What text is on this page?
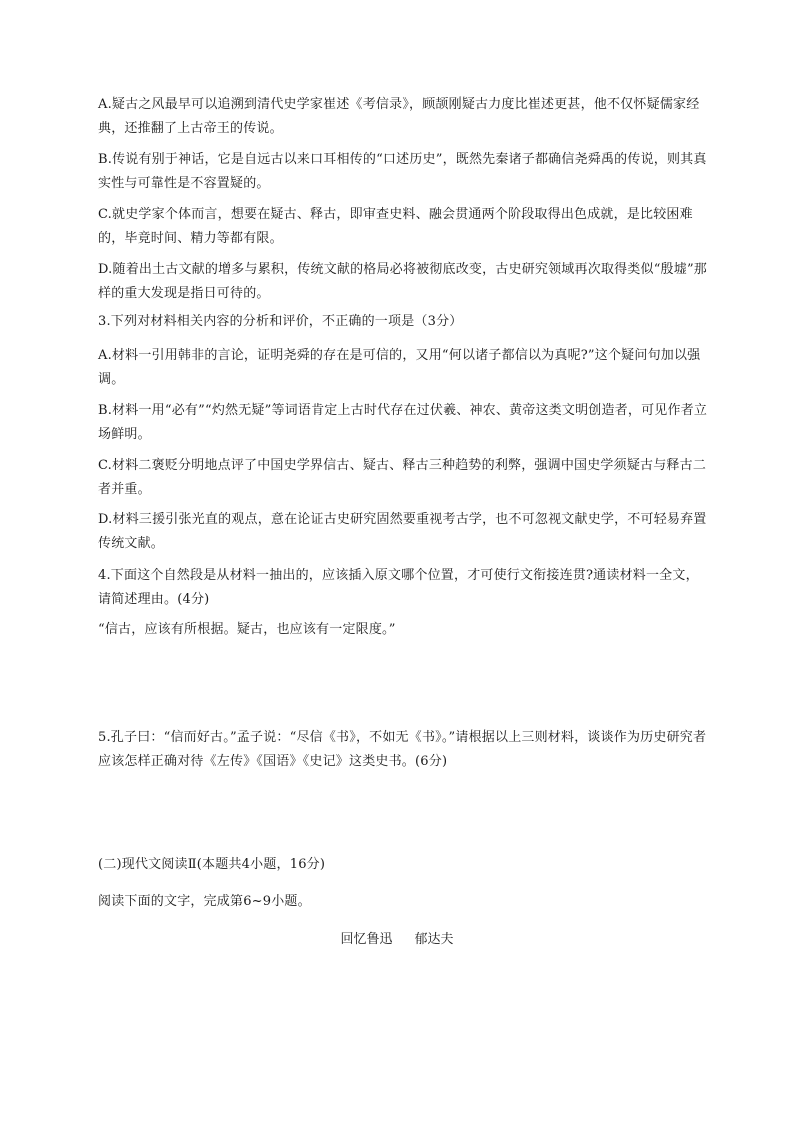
A.疑古之风最早可以追溯到清代史学家崔述《考信录》，顾颉刚疑古力度比崔述更甚，他不仅怀疑儒家经典，还推翻了上古帝王的传说。

B.传说有别于神话，它是自远古以来口耳相传的“口述历史”，既然先秦诸子都确信尧舜禹的传说，则其真实性与可靠性是不容置疑的。

C.就史学家个体而言，想要在疑古、释古，即审查史料、融会贯通两个阶段取得出色成就，是比较困难的，毕竟时间、精力等都有限。

D.随着出土古文献的增多与累积，传统文献的格局必将被彻底改变，古史研究领域再次取得类似“殷墟”那样的重大发现是指日可待的。

3.下列对材料相关内容的分析和评价，不正确的一项是（3分）

A.材料一引用韩非的言论，证明尧舜的存在是可信的，又用“何以诸子都信以为真呢?”这个疑问句加以强调。

B.材料一用“必有”“灼然无疑”等词语肯定上古时代存在过伏羲、神农、黄帝这类文明创造者，可见作者立场鲜明。

C.材料二褒贬分明地点评了中国史学界信古、疑古、释古三种趋势的利弊，强调中国史学须疑古与释古二者并重。

D.材料三援引张光直的观点，意在论证古史研究固然要重视考古学，也不可忽视文献史学，不可轻易弃置传统文献。

4.下面这个自然段是从材料一抽出的，应该插入原文哪个位置，才可使行文衔接连贯?通读材料一全文，请简述理由。(4分)

“信古，应该有所根据。疑古，也应该有一定限度。”

5.孔子曰：“信而好古。”孟子说：“尽信《书》，不如无《书》。”请根据以上三则材料，谈谈作为历史研究者应该怎样正确对待《左传》《国语》《史记》这类史书。(6分)

(二)现代文阅读Ⅱ(本题共4小题，16分)

阅读下面的文字，完成第6~9小题。

回忆鲁迅 郁达夫
